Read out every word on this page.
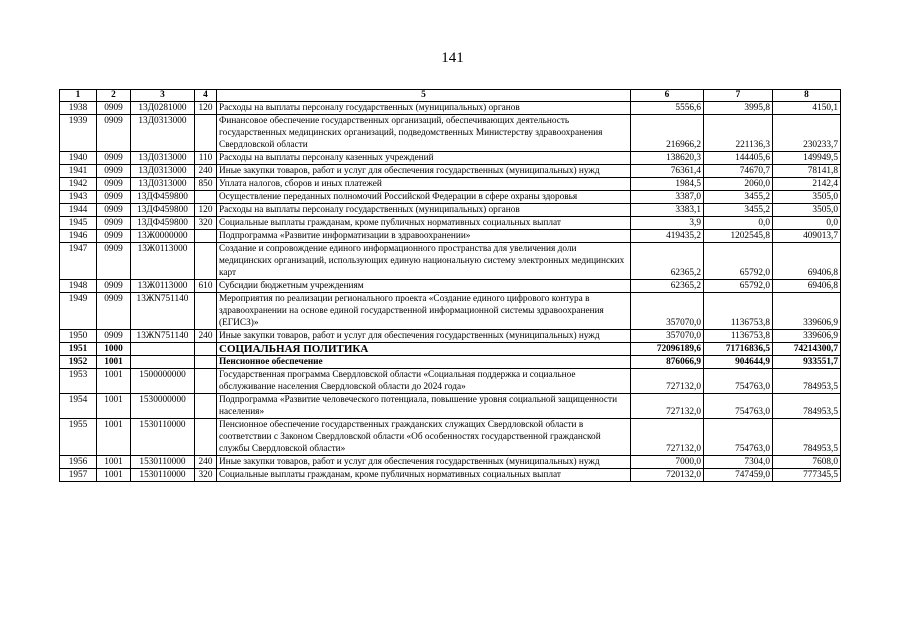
141
1	2	3	4	5	6	7	8
1938	0909	13Д0281000	120	Расходы на выплаты персоналу государственных (муниципальных) органов	5556,6	3995,8	4150,1
1939	0909	13Д0313000		Финансовое обеспечение государственных организаций, обеспечивающих деятельность государственных медицинских организаций, подведомственных Министерству здравоохранения Свердловской области	216966,2	221136,3	230233,7
1940	0909	13Д0313000	110	Расходы на выплаты персоналу казенных учреждений	138620,3	144405,6	149949,5
1941	0909	13Д0313000	240	Иные закупки товаров, работ и услуг для обеспечения государственных (муниципальных) нужд	76361,4	74670,7	78141,8
1942	0909	13Д0313000	850	Уплата налогов, сборов и иных платежей	1984,5	2060,0	2142,4
1943	0909	13ДФ459800		Осуществление переданных полномочий Российской Федерации в сфере охраны здоровья	3387,0	3455,2	3505,0
1944	0909	13ДФ459800	120	Расходы на выплаты персоналу государственных (муниципальных) органов	3383,1	3455,2	3505,0
1945	0909	13ДФ459800	320	Социальные выплаты гражданам, кроме публичных нормативных социальных выплат	3,9	0,0	0,0
1946	0909	13Ж0000000		Подпрограмма «Развитие информатизации в здравоохранении»	419435,2	1202545,8	409013,7
1947	0909	13Ж0113000		Создание и сопровождение единого информационного пространства для увеличения доли медицинских организаций, использующих единую национальную систему электронных медицинских карт	62365,2	65792,0	69406,8
1948	0909	13Ж0113000	610	Субсидии бюджетным учреждениям	62365,2	65792,0	69406,8
1949	0909	13ЖN751140		Мероприятия по реализации регионального проекта «Создание единого цифрового контура в здравоохранении на основе единой государственной информационной системы здравоохранения (ЕГИСЗ)»	357070,0	1136753,8	339606,9
1950	0909	13ЖN751140	240	Иные закупки товаров, работ и услуг для обеспечения государственных (муниципальных) нужд	357070,0	1136753,8	339606,9
1951	1000			СОЦИАЛЬНАЯ ПОЛИТИКА	72096189,6	71716836,5	74214300,7
1952	1001			Пенсионное обеспечение	876066,9	904644,9	933551,7
1953	1001	1500000000		Государственная программа Свердловской области «Социальная поддержка и социальное обслуживание населения Свердловской области до 2024 года»	727132,0	754763,0	784953,5
1954	1001	1530000000		Подпрограмма «Развитие человеческого потенциала, повышение уровня социальной защищенности населения»	727132,0	754763,0	784953,5
1955	1001	1530110000		Пенсионное обеспечение государственных гражданских служащих Свердловской области в соответствии с Законом Свердловской области «Об особенностях государственной гражданской службы Свердловской области»	727132,0	754763,0	784953,5
1956	1001	1530110000	240	Иные закупки товаров, работ и услуг для обеспечения государственных (муниципальных) нужд	7000,0	7304,0	7608,0
1957	1001	1530110000	320	Социальные выплаты гражданам, кроме публичных нормативных социальных выплат	720132,0	747459,0	777345,5
